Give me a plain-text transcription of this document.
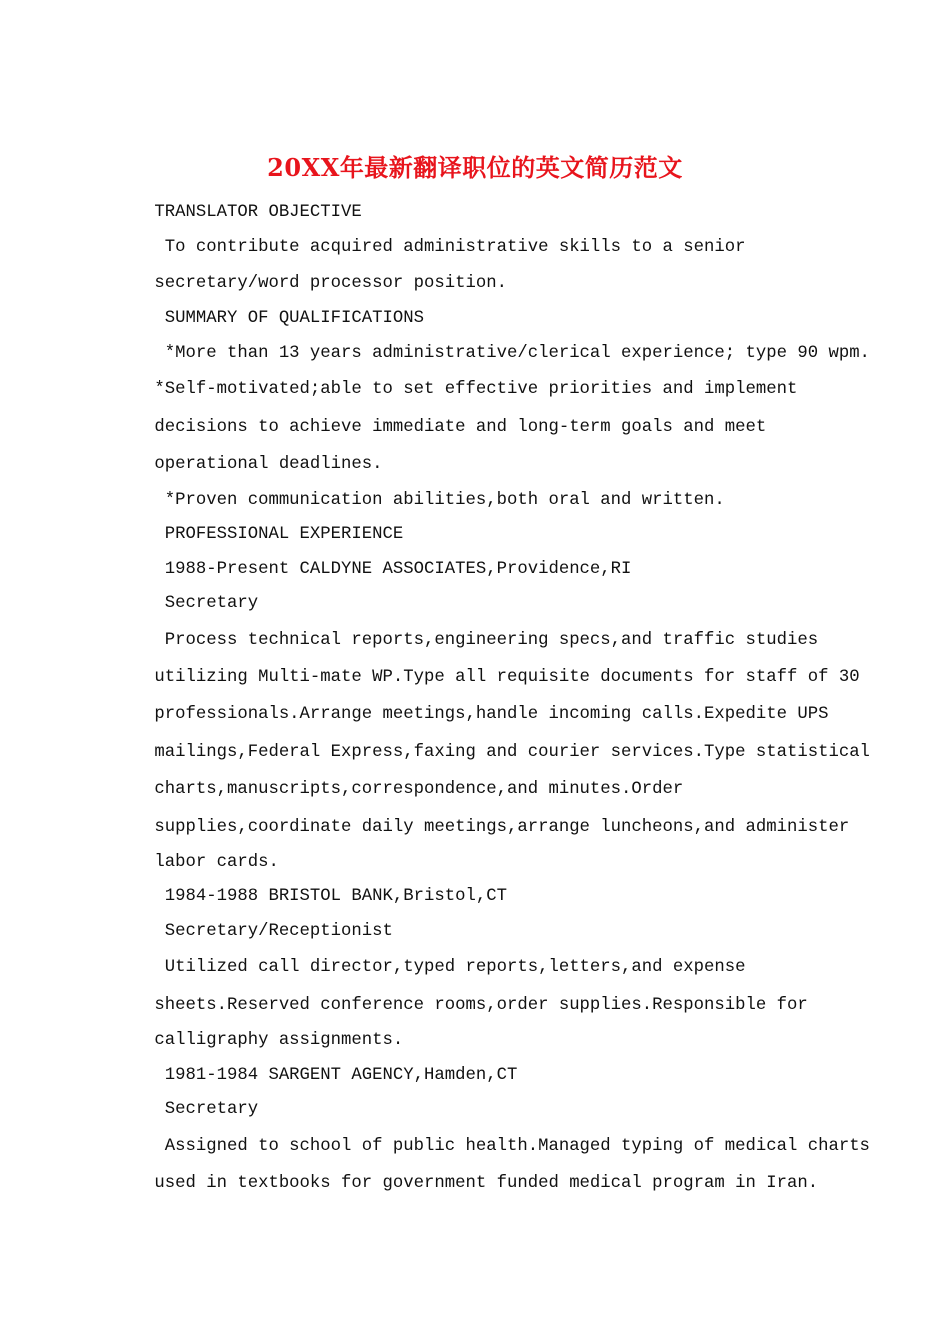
20XX年最新翻译职位的英文简历范文
TRANSLATOR OBJECTIVE
To contribute acquired administrative skills to a senior
secretary/word processor position.
SUMMARY OF QUALIFICATIONS
*More than 13 years administrative/clerical experience; type 90 wpm.
*Self-motivated;able to set effective priorities and implement
decisions to achieve immediate and long-term goals and meet
operational deadlines.
*Proven communication abilities,both oral and written.
PROFESSIONAL EXPERIENCE
1988-Present CALDYNE ASSOCIATES,Providence,RI
Secretary
Process technical reports,engineering specs,and traffic studies
utilizing Multi-mate WP.Type all requisite documents for staff of 30
professionals.Arrange meetings,handle incoming calls.Expedite UPS
mailings,Federal Express,faxing and courier services.Type statistical
charts,manuscripts,correspondence,and minutes.Order
supplies,coordinate daily meetings,arrange luncheons,and administer
labor cards.
1984-1988 BRISTOL BANK,Bristol,CT
Secretary/Receptionist
Utilized call director,typed reports,letters,and expense
sheets.Reserved conference rooms,order supplies.Responsible for
calligraphy assignments.
1981-1984 SARGENT AGENCY,Hamden,CT
Secretary
Assigned to school of public health.Managed typing of medical charts
used in textbooks for government funded medical program in Iran.
